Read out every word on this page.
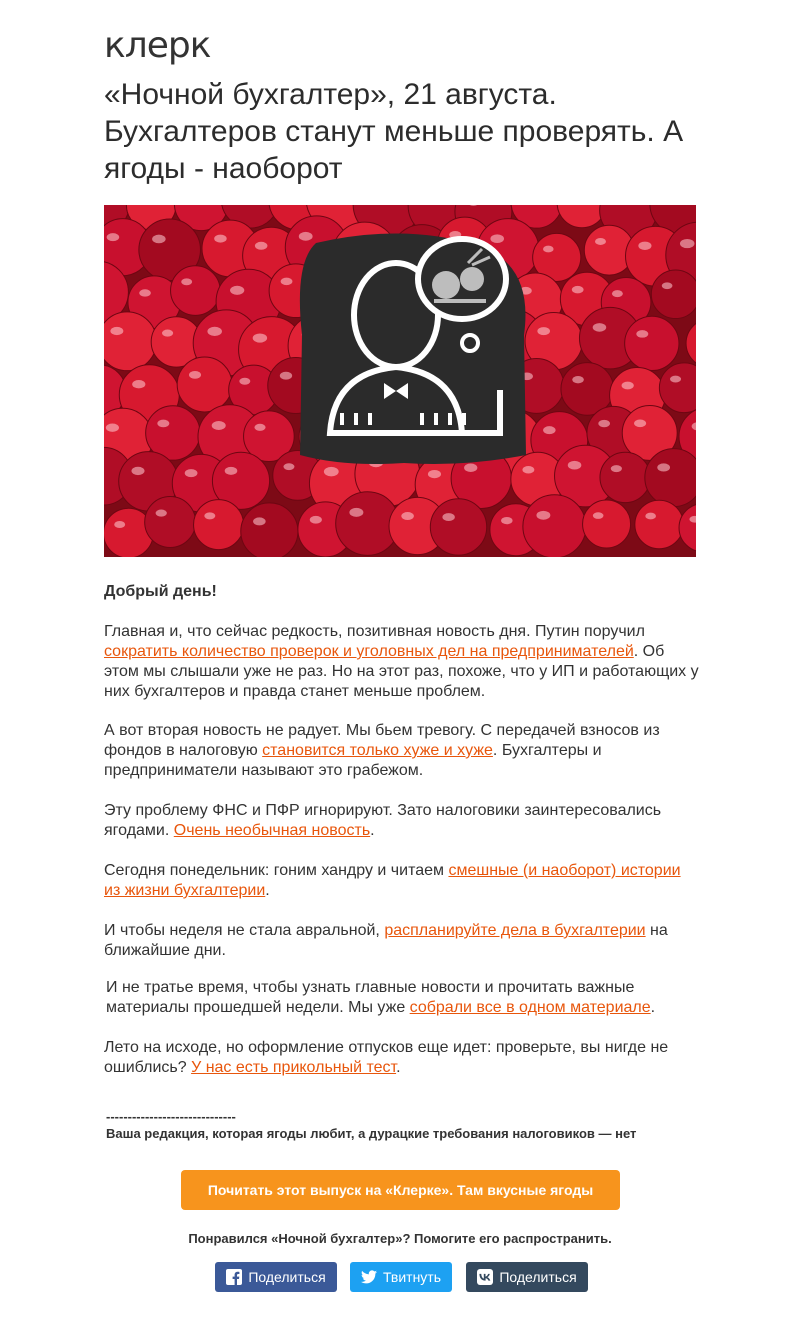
клерк
«Ночной бухгалтер», 21 августа. Бухгалтеров станут меньше проверять. А ягоды - наоборот

Добрый день!

Главная и, что сейчас редкость, позитивная новость дня. Путин поручил сократить количество проверок и уголовных дел на предпринимателей. Об этом мы слышали уже не раз. Но на этот раз, похоже, что у ИП и работающих у них бухгалтеров и правда станет меньше проблем.

А вот вторая новость не радует. Мы бьем тревогу. С передачей взносов из фондов в налоговую становится только хуже и хуже. Бухгалтеры и предприниматели называют это грабежом.

Эту проблему ФНС и ПФР игнорируют. Зато налоговики заинтересовались ягодами. Очень необычная новость.

Сегодня понедельник: гоним хандру и читаем смешные (и наоборот) истории из жизни бухгалтерии.

И чтобы неделя не стала авральной, распланируйте дела в бухгалтерии на ближайшие дни.

И не тратье время, чтобы узнать главные новости и прочитать важные материалы прошедшей недели. Мы уже собрали все в одном материале.

Лето на исходе, но оформление отпусков еще идет: проверьте, вы нигде не ошиблись? У нас есть прикольный тест.

------------------------------
Ваша редакция, которая ягоды любит, а дурацкие требования налоговиков — нет
Почитать этот выпуск на «Клерке». Там вкусные ягоды
Понравился «Ночной бухгалтер»? Помогите его распространить.
Поделиться	Твитнуть	Поделиться
